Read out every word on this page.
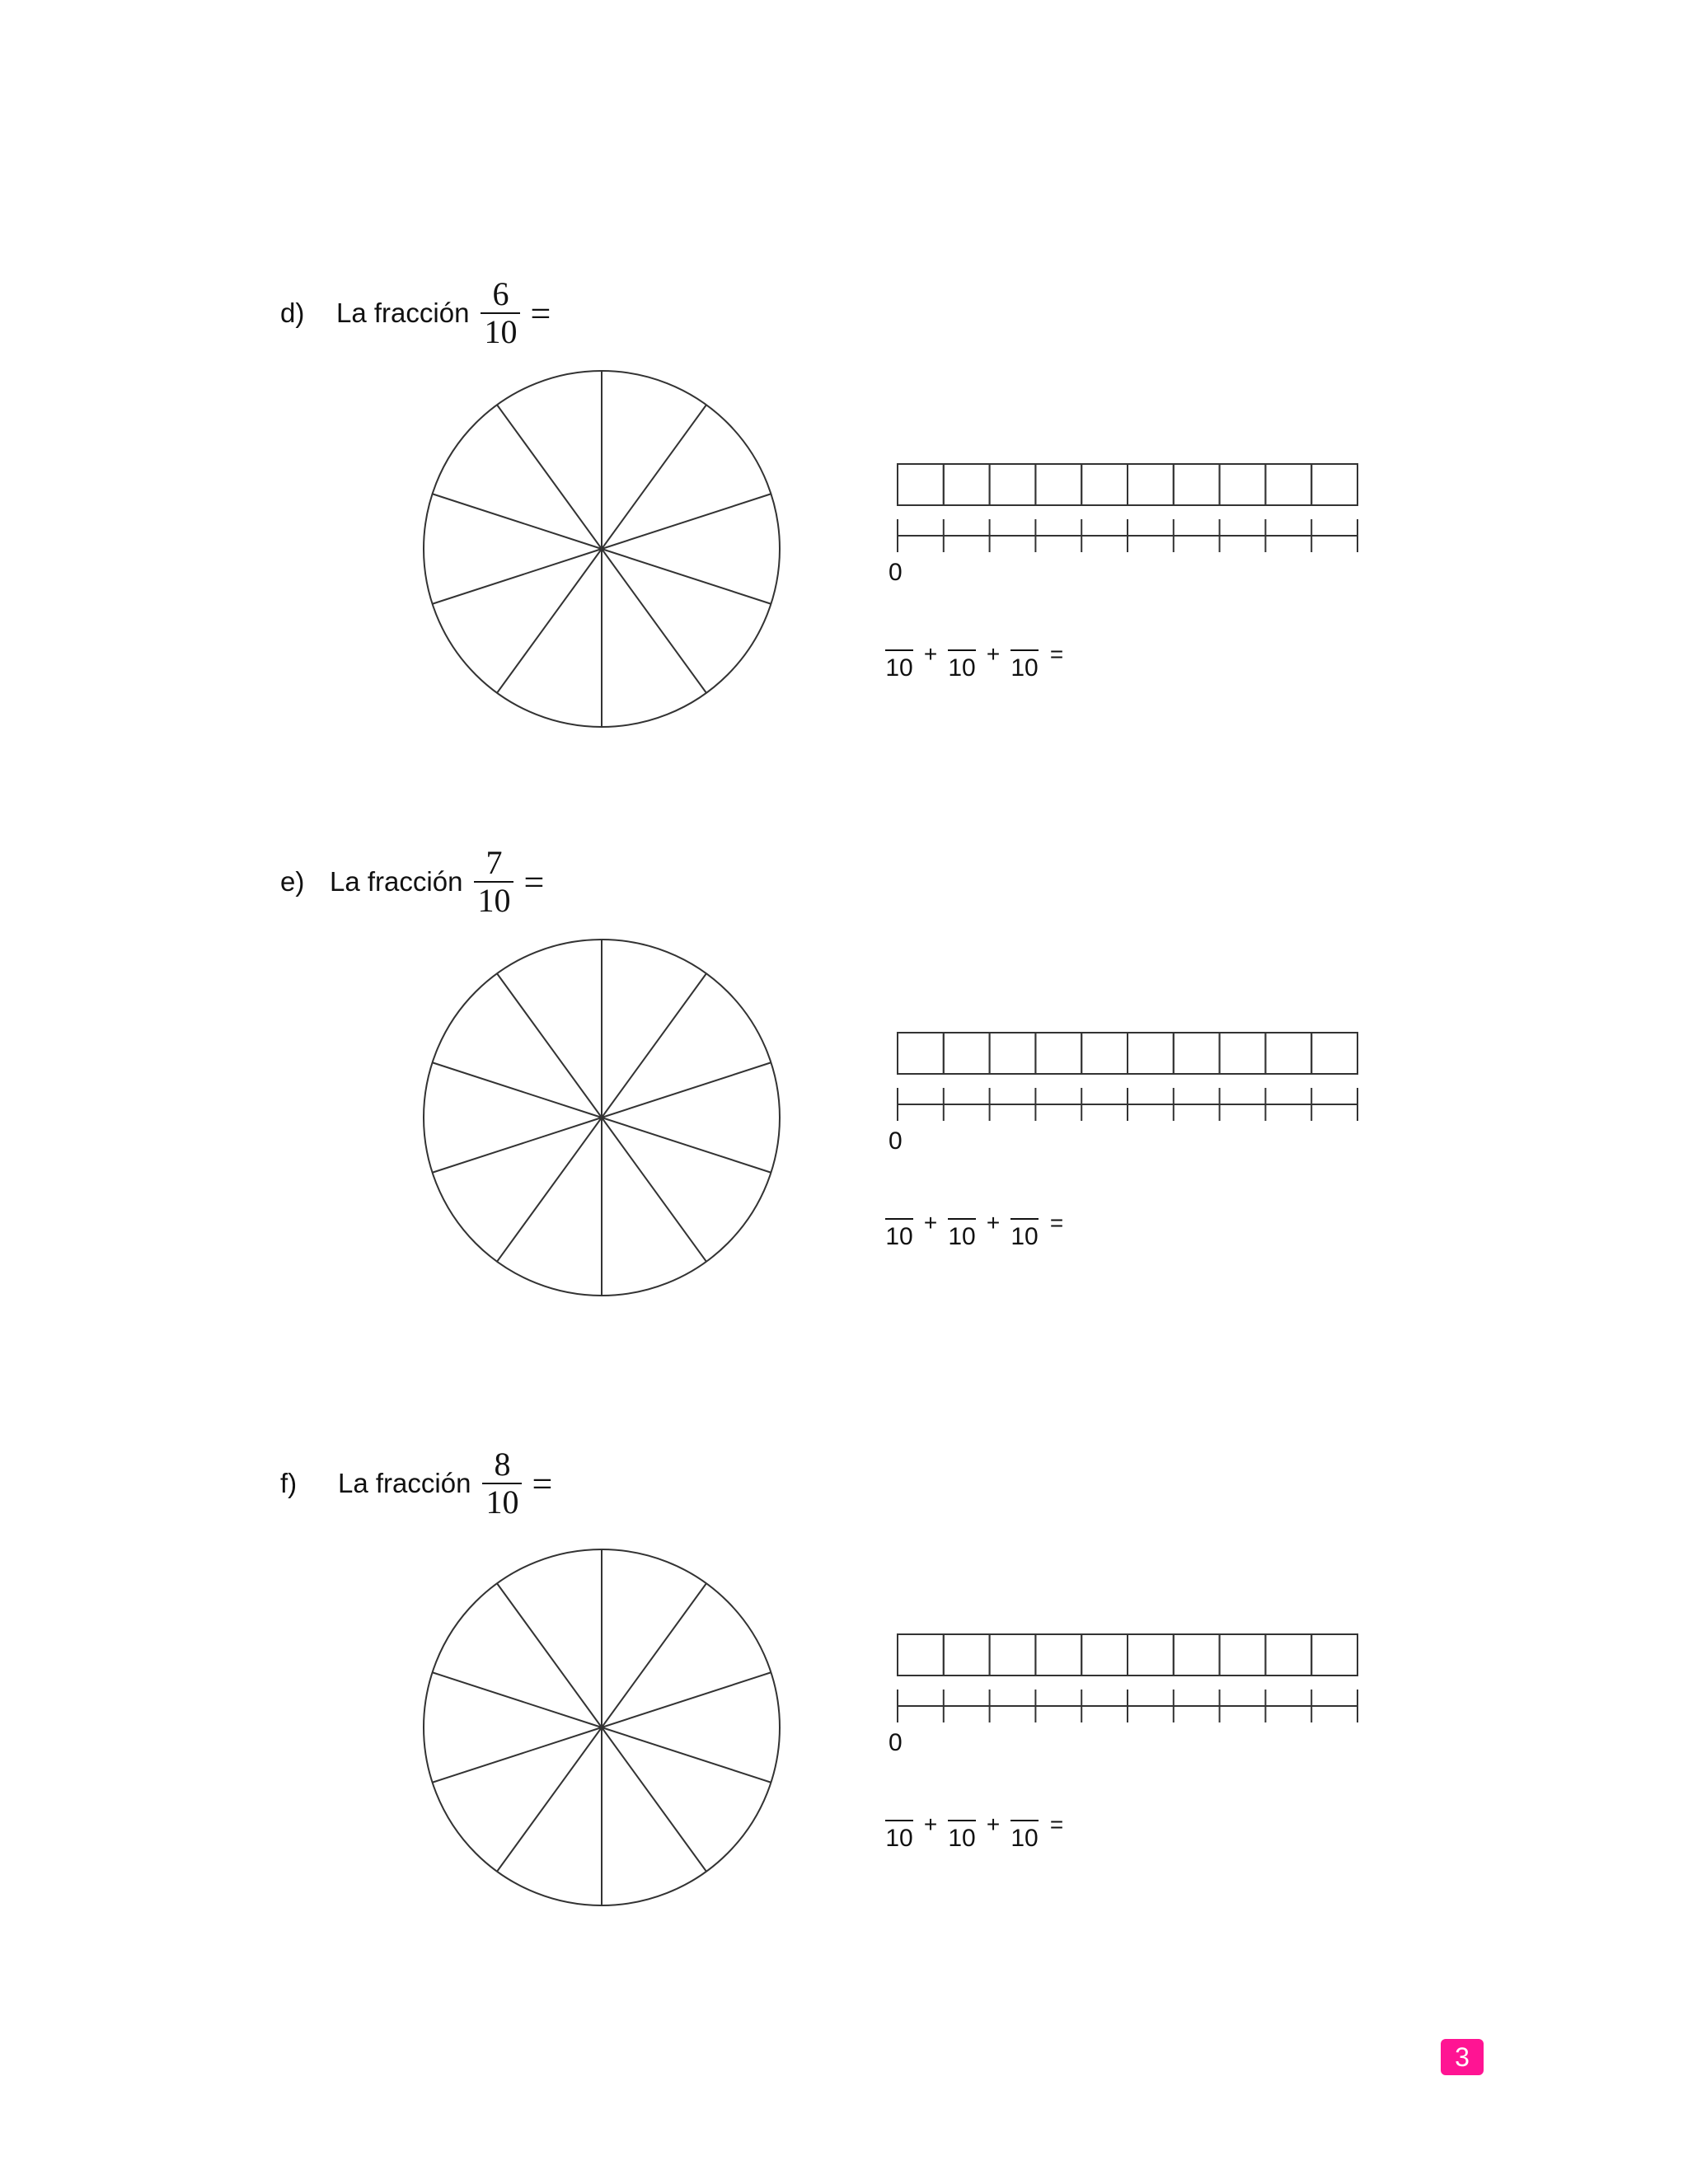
d)	La fracción $\frac{6}{10}$ =
0
10
+
10
+
10
=
e) La fracción $\frac{7}{10}$ =
0
10
+
10
+
10
=
f)	La fracción $\frac{8}{10}$ =
0
10
+
10
+
10
=
3
